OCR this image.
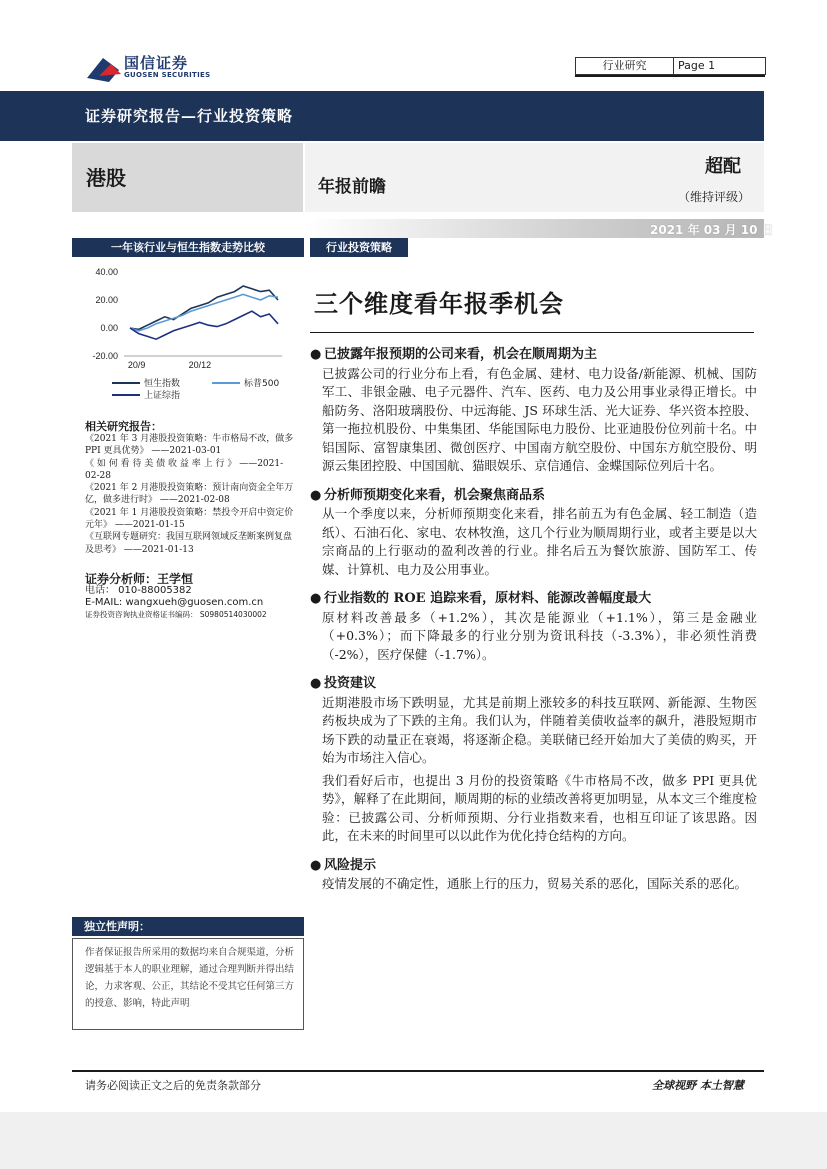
国信证券
GUOSEN SECURITIES
行业研究	Page 1
证券研究报告—行业投资策略
港股	年报前瞻
超配
（维持评级）
2021 年 03 月 10 日
一年该行业与恒生指数走势比较
40.00
20.00
0.00
-20.00
20/9	20/12
恒生指数	标普500
上证综指
相关研究报告：
《2021 年 3 月港股投资策略：牛市格局不改，做多 PPI 更具优势》 ——2021-03-01
《 如 何 看 待 美 债 收 益 率 上 行 》 ——2021-02-28
《2021 年 2 月港股投资策略：预计南向资金全年万亿，做多进行时》 ——2021-02-08
《2021 年 1 月港股投资策略：禁投令开启中资定价元年》 ——2021-01-15
《互联网专题研究：我国互联网领域反垄断案例复盘及思考》 ——2021-01-13
证券分析师：王学恒
电话： 010-88005382
E-MAIL: wangxueh@guosen.com.cn
证券投资咨询执业资格证书编码： S0980514030002
独立性声明：
作者保证报告所采用的数据均来自合规渠道，分析逻辑基于本人的职业理解，通过合理判断并得出结论，力求客观、公正，其结论不受其它任何第三方的授意、影响，特此声明
行业投资策略
三个维度看年报季机会
● 已披露年报预期的公司来看，机会在顺周期为主

已披露公司的行业分布上看，有色金属、建材、电力设备/新能源、机械、国防军工、非银金融、电子元器件、汽车、医药、电力及公用事业录得正增长。中船防务、洛阳玻璃股份、中远海能、JS 环球生活、光大证券、华兴资本控股、第一拖拉机股份、中集集团、华能国际电力股份、比亚迪股份位列前十名。中铝国际、富智康集团、微创医疗、中国南方航空股份、中国东方航空股份、明源云集团控股、中国国航、猫眼娱乐、京信通信、金蝶国际位列后十名。

● 分析师预期变化来看，机会聚焦商品系

从一个季度以来，分析师预期变化来看，排名前五为有色金属、轻工制造（造纸）、石油石化、家电、农林牧渔，这几个行业为顺周期行业，或者主要是以大宗商品的上行驱动的盈利改善的行业。排名后五为餐饮旅游、国防军工、传媒、计算机、电力及公用事业。

● 行业指数的 ROE 追踪来看，原材料、能源改善幅度最大

原材料改善最多（+1.2%），其次是能源业（+1.1%），第三是金融业（+0.3%）；而下降最多的行业分别为资讯科技（-3.3%），非必须性消费（-2%），医疗保健（-1.7%）。

● 投资建议

近期港股市场下跌明显，尤其是前期上涨较多的科技互联网、新能源、生物医药板块成为了下跌的主角。我们认为，伴随着美债收益率的飙升，港股短期市场下跌的动量正在衰竭，将逐渐企稳。美联储已经开始加大了美债的购买，开始为市场注入信心。

我们看好后市，也提出 3 月份的投资策略《牛市格局不改，做多 PPI 更具优势》，解释了在此期间，顺周期的标的业绩改善将更加明显，从本文三个维度检验：已披露公司、分析师预期、分行业指数来看，也相互印证了该思路。因此，在未来的时间里可以以此作为优化持仓结构的方向。

● 风险提示

疫情发展的不确定性，通胀上行的压力，贸易关系的恶化，国际关系的恶化。

请务必阅读正文之后的免责条款部分	全球视野 本土智慧
